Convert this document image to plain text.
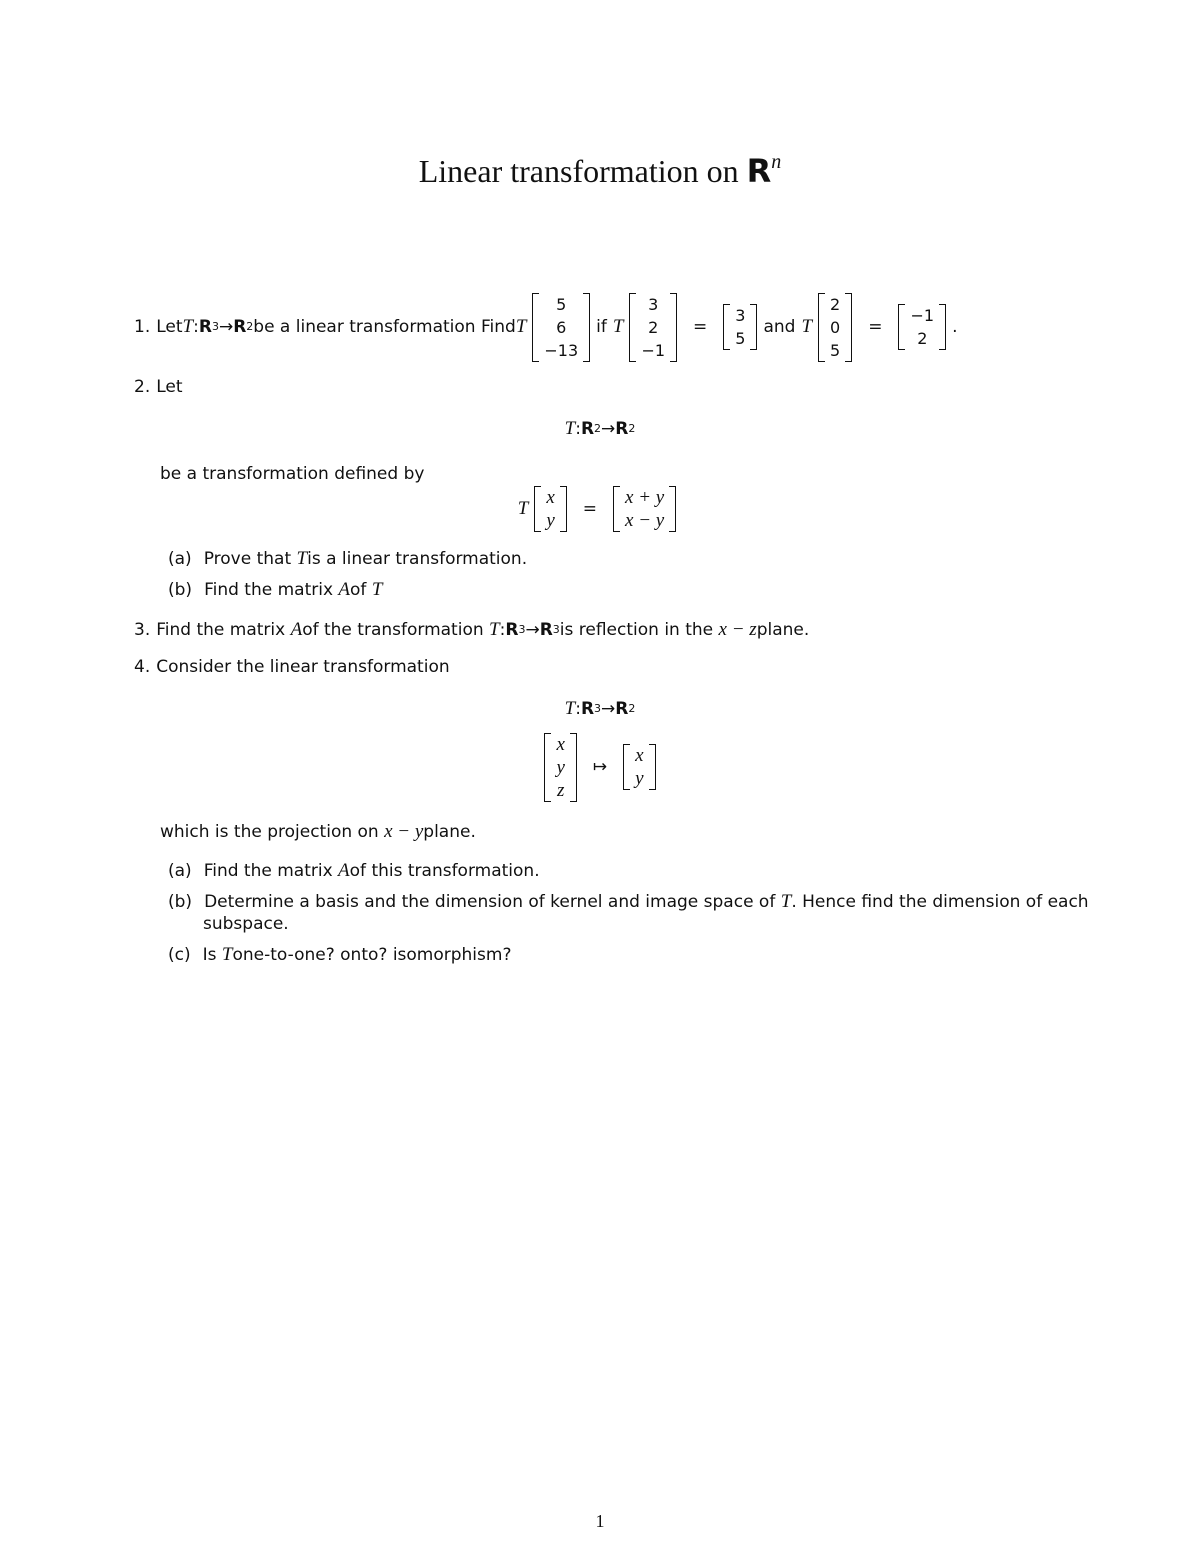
Linear transformation on $R^n$
1. Let T : R 3 → R 2 be a linear transformation Find T
5
6
−13
if T
3
2
−1
=
3
5
and T
2
0
5
=
−1
2
.
2. Let
T : R 2 → R 2
be a transformation defined by
T
x
y
=
x + y
x − y
(a) Prove that
T is a linear transformation.
(b) Find the matrix
A of
T
3. Find the matrix
A of the transformation
T : R 3 → R 3 is reflection in the
x − z plane.
4. Consider the linear transformation
T : R 3 → R 2
x
y
z
↦
x
y
which is the projection on
x − y plane.
(a) Find the matrix
A of this transformation.
(b) Determine a basis and the dimension of kernel and image space of
T . Hence find the dimension of each
subspace.
(c) Is
T one-to-one? onto? isomorphism?
1
